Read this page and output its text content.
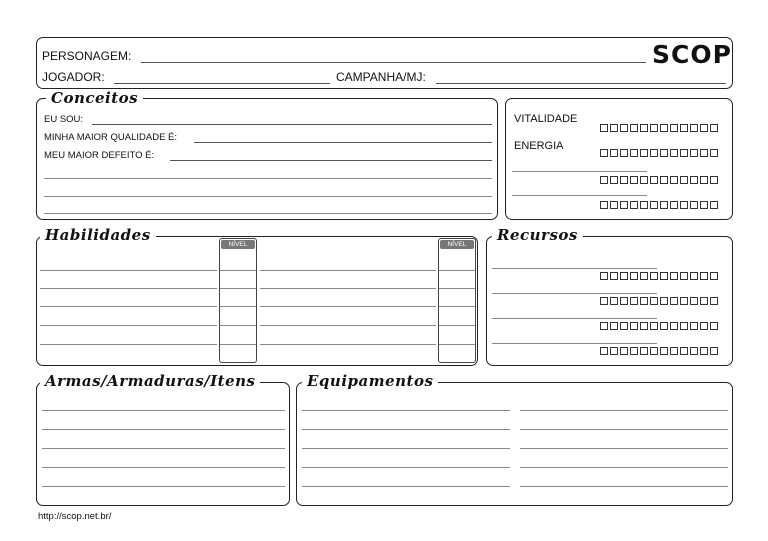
PERSONAGEM:	SCOP
JOGADOR:	CAMPANHA/MJ:
Conceitos
EU SOU:
MINHA MAIOR QUALIDADE É:
MEU MAIOR DEFEITO É:
VITALIDADE
ENERGIA
Habilidades
NÍVEL	NÍVEL
Recursos
Armas/Armaduras/Itens	Equipamentos
http://scop.net.br/
